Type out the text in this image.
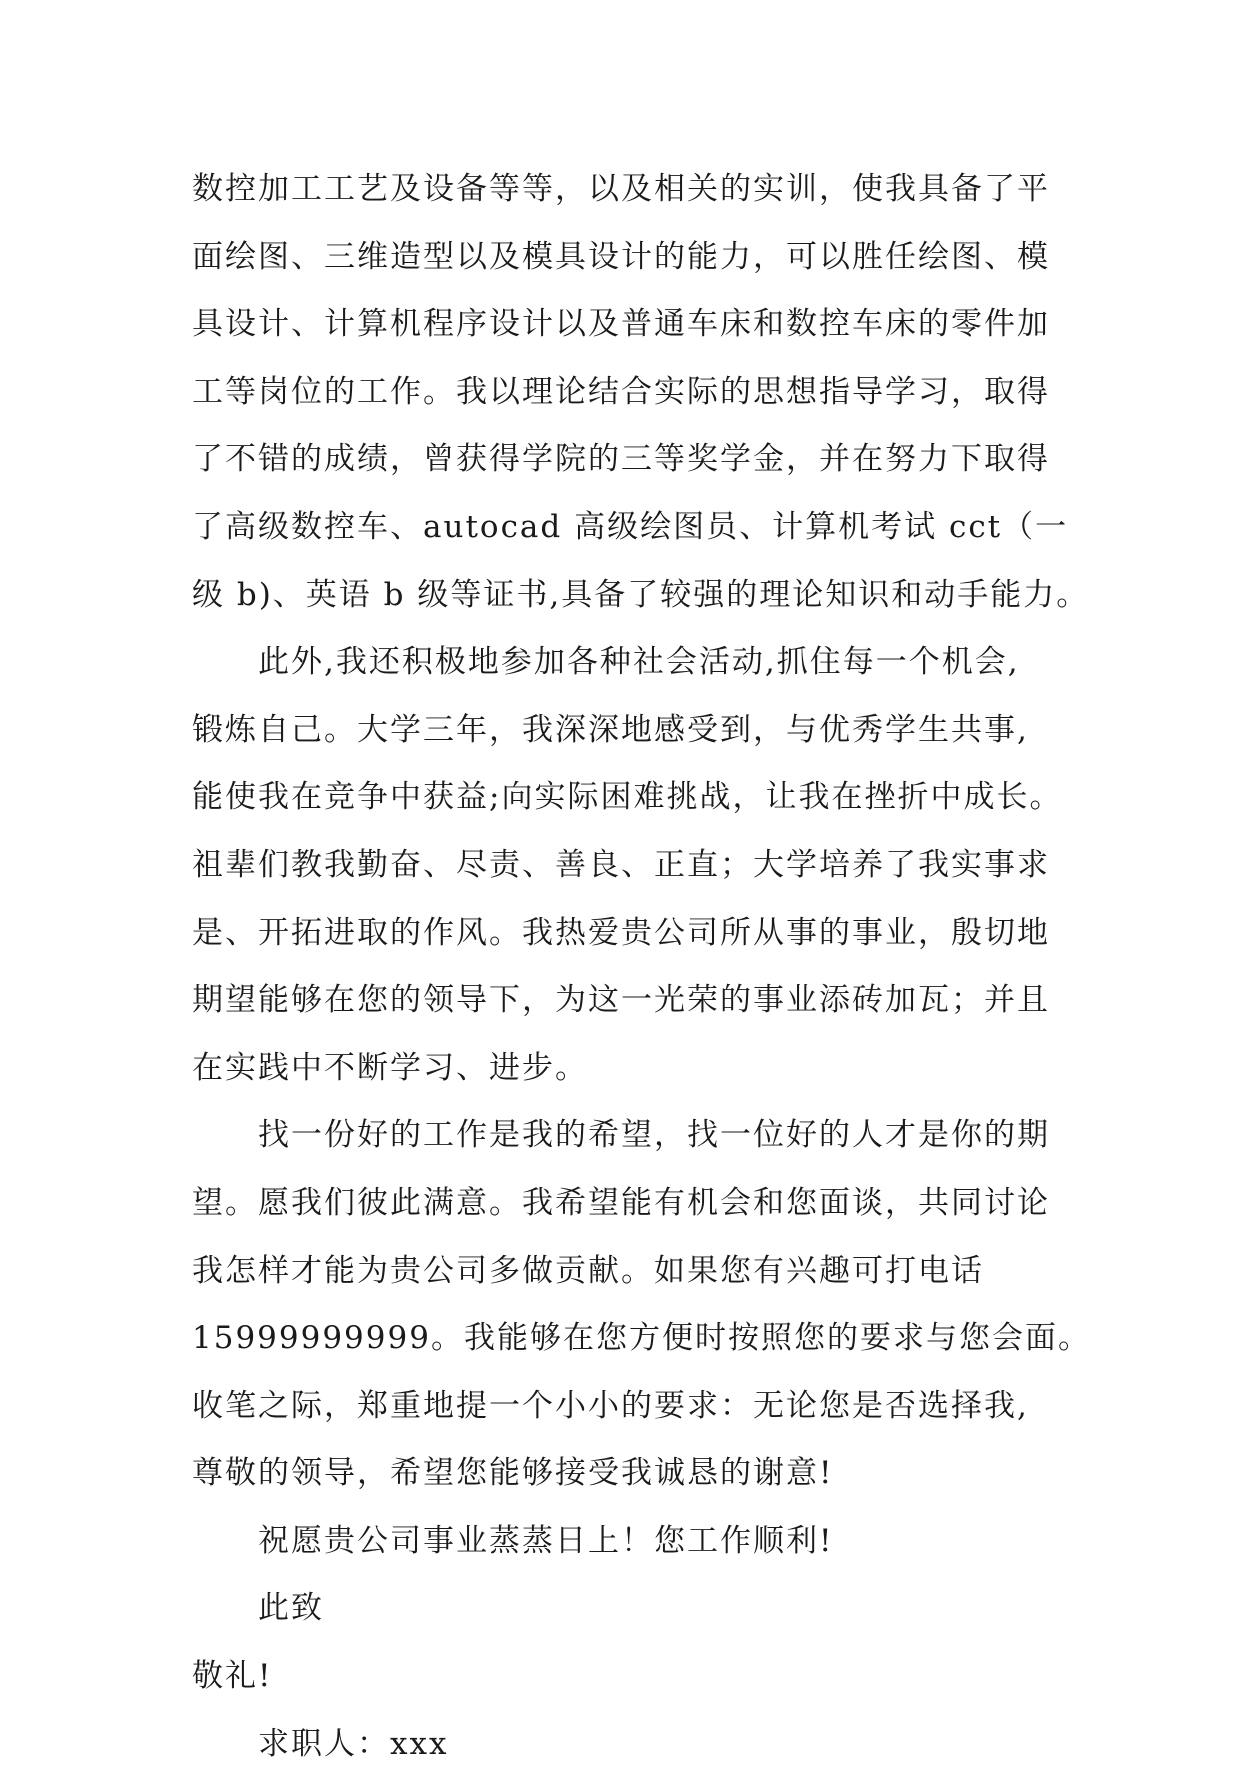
数控加工工艺及设备等等，以及相关的实训，使我具备了平
面绘图、三维造型以及模具设计的能力，可以胜任绘图、模
具设计、计算机程序设计以及普通车床和数控车床的零件加
工等岗位的工作。我以理论结合实际的思想指导学习，取得
了不错的成绩，曾获得学院的三等奖学金，并在努力下取得
了高级数控车、autocad 高级绘图员、计算机考试 cct（一
级 b)、英语 b 级等证书,具备了较强的理论知识和动手能力。

此外,我还积极地参加各种社会活动,抓住每一个机会,
锻炼自己。大学三年，我深深地感受到，与优秀学生共事,
能使我在竞争中获益;向实际困难挑战，让我在挫折中成长。
祖辈们教我勤奋、尽责、善良、正直；大学培养了我实事求
是、开拓进取的作风。我热爱贵公司所从事的事业，殷切地
期望能够在您的领导下，为这一光荣的事业添砖加瓦；并且
在实践中不断学习、进步。

找一份好的工作是我的希望，找一位好的人才是你的期
望。愿我们彼此满意。我希望能有机会和您面谈，共同讨论
我怎样才能为贵公司多做贡献。如果您有兴趣可打电话
15999999999。我能够在您方便时按照您的要求与您会面。
收笔之际，郑重地提一个小小的要求：无论您是否选择我,
尊敬的领导，希望您能够接受我诚恳的谢意!

祝愿贵公司事业蒸蒸日上！您工作顺利!

此致

敬礼!

求职人：xxx
